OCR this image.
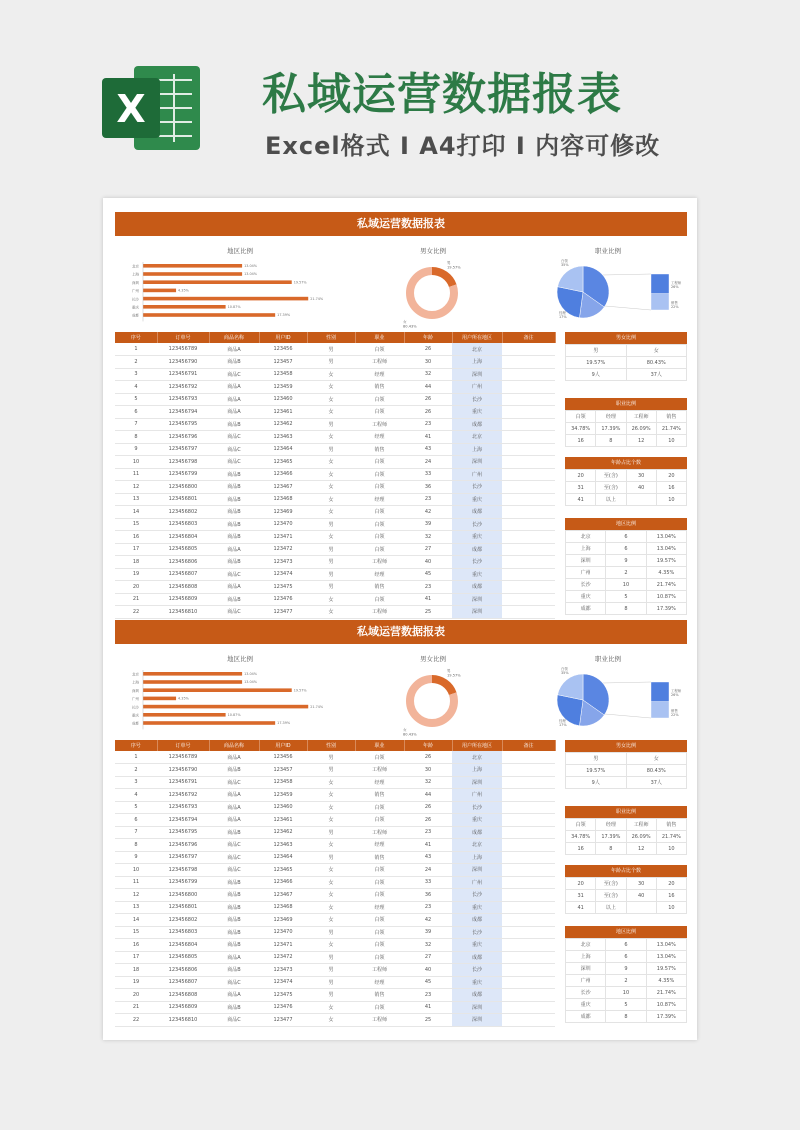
X	私域运营数据报表
Excel格式 I A4打印 I 内容可修改
私域运营数据报表
地区比例	男女比例	职业比例
北京	13.04%
上海	13.04%
深圳	19.57%
广州	4.35%
长沙	21.74%
重庆	10.87%
成都	17.39%
男
19.57%
女
80.43%
白领
35%
经理
17%
工程师
26%
销售
22%
序号	订单号	商品名称	用户ID	性别	职业	年龄	用户所在地区	备注
1	123456789	商品A	123456	男	白领	26	北京	
2	123456790	商品B	123457	男	工程师	30	上海	
3	123456791	商品C	123458	女	经理	32	深圳	
4	123456792	商品A	123459	女	销售	44	广州	
5	123456793	商品A	123460	女	白领	26	长沙	
6	123456794	商品A	123461	女	白领	26	重庆	
7	123456795	商品B	123462	男	工程师	23	成都	
8	123456796	商品C	123463	女	经理	41	北京	
9	123456797	商品C	123464	男	销售	43	上海	
10	123456798	商品C	123465	女	白领	24	深圳	
11	123456799	商品B	123466	女	白领	33	广州	
12	123456800	商品B	123467	女	白领	36	长沙	
13	123456801	商品B	123468	女	经理	23	重庆	
14	123456802	商品B	123469	女	白领	42	成都	
15	123456803	商品B	123470	男	白领	39	长沙	
16	123456804	商品B	123471	女	白领	32	重庆	
17	123456805	商品A	123472	男	白领	27	成都	
18	123456806	商品B	123473	男	工程师	40	长沙	
19	123456807	商品C	123474	男	经理	45	重庆	
20	123456808	商品A	123475	男	销售	23	成都	
21	123456809	商品B	123476	女	白领	41	深圳	
22	123456810	商品C	123477	女	工程师	25	深圳	
男女比例
男	女
19.57%	80.43%
9人	37人
职业比例
白领	经理	工程师	销售
34.78%	17.39%	26.09%	21.74%
16	8	12	10
年龄占比个数
20	至(含)	30	20
31	至(含)	40	16
41	以上		10
地区比例
北京	6	13.04%
上海	6	13.04%
深圳	9	19.57%
广州	2	4.35%
长沙	10	21.74%
重庆	5	10.87%
成都	8	17.39%
私域运营数据报表
地区比例	男女比例	职业比例
北京	13.04%
上海	13.04%
深圳	19.57%
广州	4.35%
长沙	21.74%
重庆	10.87%
成都	17.39%
男
19.57%
女
80.43%
白领
35%
经理
17%
工程师
26%
销售
22%
序号	订单号	商品名称	用户ID	性别	职业	年龄	用户所在地区	备注
1	123456789	商品A	123456	男	白领	26	北京	
2	123456790	商品B	123457	男	工程师	30	上海	
3	123456791	商品C	123458	女	经理	32	深圳	
4	123456792	商品A	123459	女	销售	44	广州	
5	123456793	商品A	123460	女	白领	26	长沙	
6	123456794	商品A	123461	女	白领	26	重庆	
7	123456795	商品B	123462	男	工程师	23	成都	
8	123456796	商品C	123463	女	经理	41	北京	
9	123456797	商品C	123464	男	销售	43	上海	
10	123456798	商品C	123465	女	白领	24	深圳	
11	123456799	商品B	123466	女	白领	33	广州	
12	123456800	商品B	123467	女	白领	36	长沙	
13	123456801	商品B	123468	女	经理	23	重庆	
14	123456802	商品B	123469	女	白领	42	成都	
15	123456803	商品B	123470	男	白领	39	长沙	
16	123456804	商品B	123471	女	白领	32	重庆	
17	123456805	商品A	123472	男	白领	27	成都	
18	123456806	商品B	123473	男	工程师	40	长沙	
19	123456807	商品C	123474	男	经理	45	重庆	
20	123456808	商品A	123475	男	销售	23	成都	
21	123456809	商品B	123476	女	白领	41	深圳	
22	123456810	商品C	123477	女	工程师	25	深圳	
男女比例
男	女
19.57%	80.43%
9人	37人
职业比例
白领	经理	工程师	销售
34.78%	17.39%	26.09%	21.74%
16	8	12	10
年龄占比个数
20	至(含)	30	20
31	至(含)	40	16
41	以上		10
地区比例
北京	6	13.04%
上海	6	13.04%
深圳	9	19.57%
广州	2	4.35%
长沙	10	21.74%
重庆	5	10.87%
成都	8	17.39%
